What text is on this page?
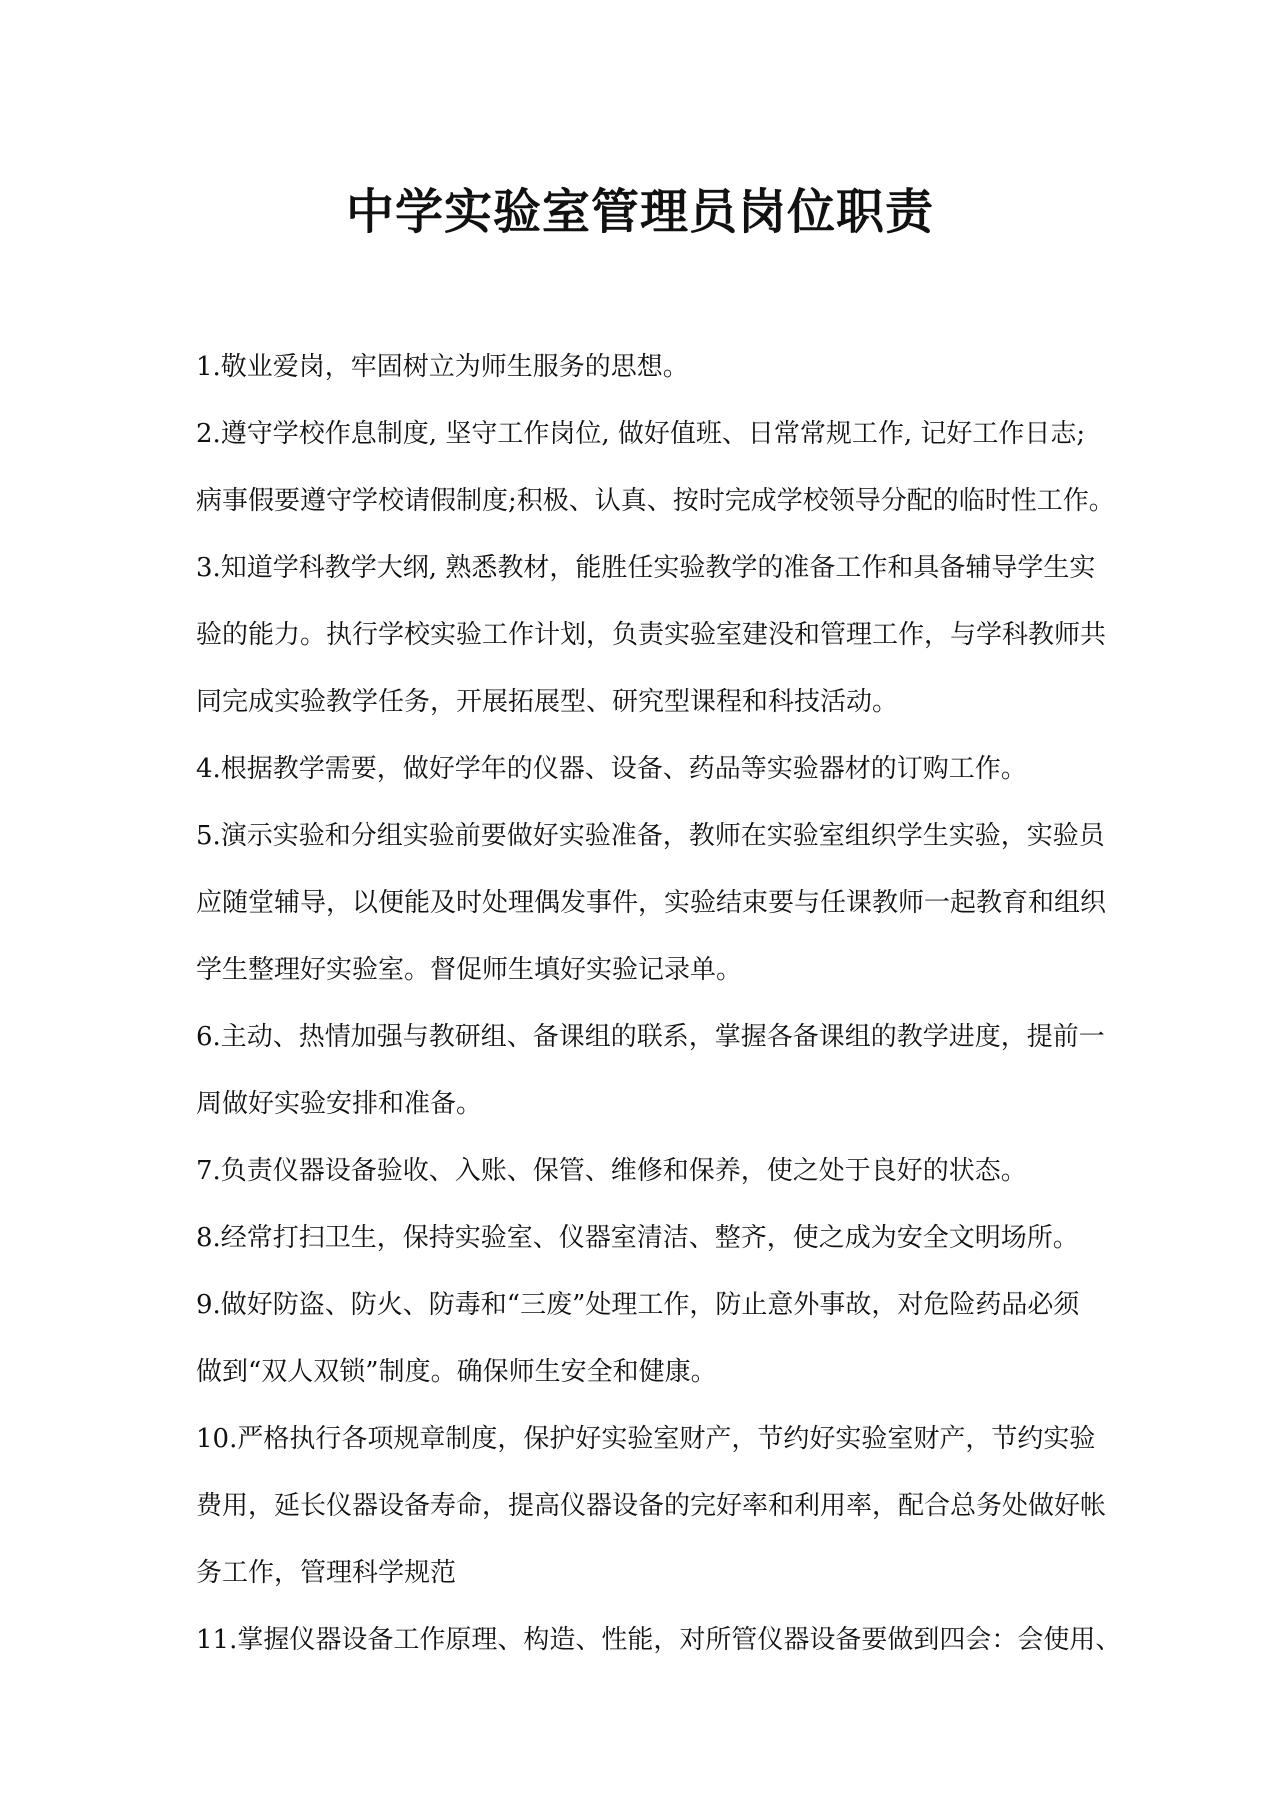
中学实验室管理员岗位职责
1.敬业爱岗，牢固树立为师生服务的思想。
2.遵守学校作息制度, 坚守工作岗位, 做好值班、日常常规工作, 记好工作日志;
病事假要遵守学校请假制度;积极、认真、按时完成学校领导分配的临时性工作。
3.知道学科教学大纲, 熟悉教材，能胜任实验教学的准备工作和具备辅导学生实
验的能力。执行学校实验工作计划，负责实验室建没和管理工作，与学科教师共
同完成实验教学任务，开展拓展型、研究型课程和科技活动。
4.根据教学需要，做好学年的仪器、设备、药品等实验器材的订购工作。
5.演示实验和分组实验前要做好实验准备，教师在实验室组织学生实验，实验员
应随堂辅导，以便能及时处理偶发事件，实验结束要与任课教师一起教育和组织
学生整理好实验室。督促师生填好实验记录单。
6.主动、热情加强与教研组、备课组的联系，掌握各备课组的教学进度，提前一
周做好实验安排和准备。
7.负责仪器设备验收、入账、保管、维修和保养，使之处于良好的状态。
8.经常打扫卫生，保持实验室、仪器室清洁、整齐，使之成为安全文明场所。
9.做好防盗、防火、防毒和“三废”处理工作，防止意外事故，对危险药品必须
做到“双人双锁”制度。确保师生安全和健康。
10.严格执行各项规章制度，保护好实验室财产，节约好实验室财产，节约实验
费用，延长仪器设备寿命，提高仪器设备的完好率和利用率，配合总务处做好帐
务工作，管理科学规范
11.掌握仪器设备工作原理、构造、性能，对所管仪器设备要做到四会：会使用、
